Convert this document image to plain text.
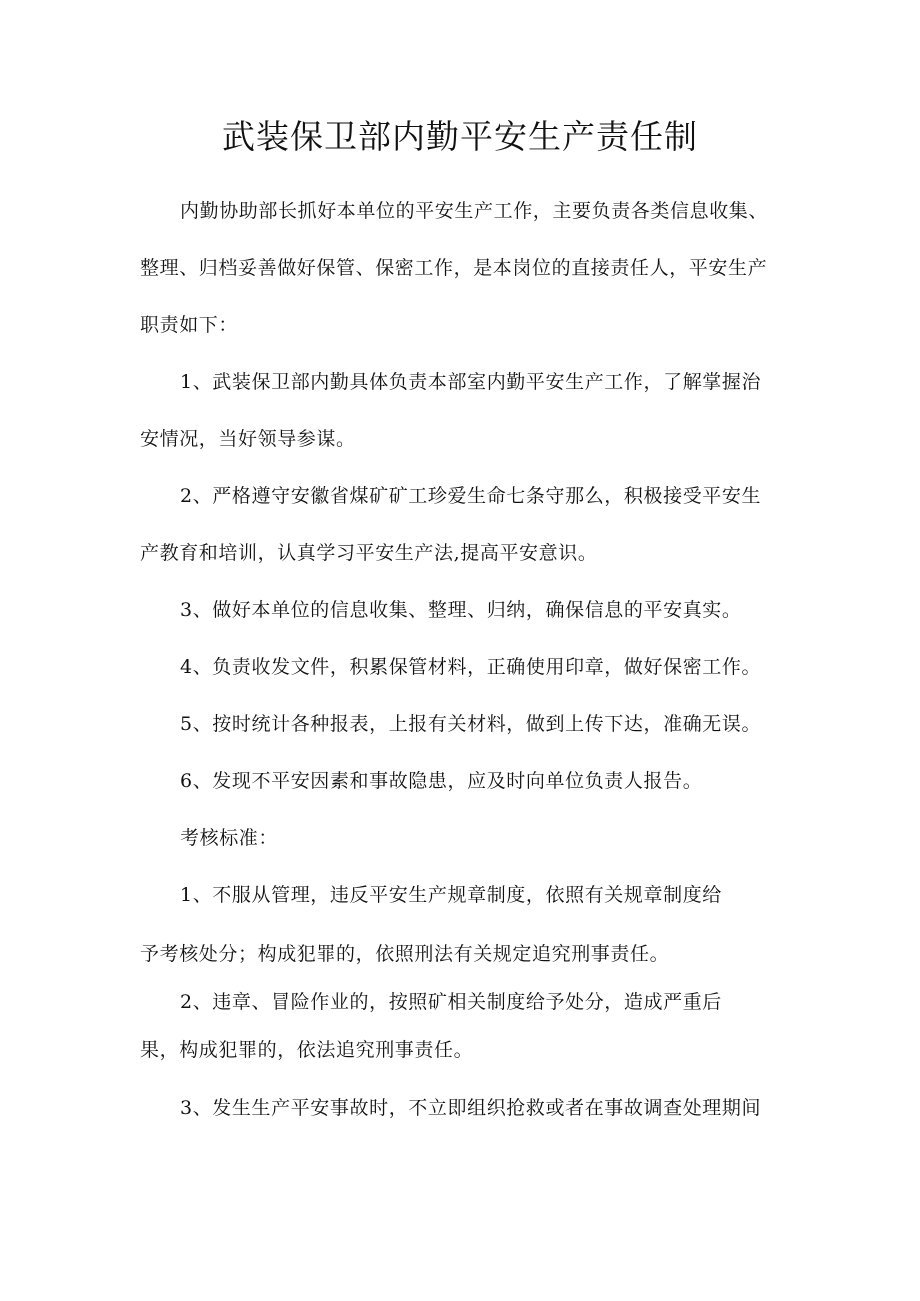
武装保卫部内勤平安生产责任制
内勤协助部长抓好本单位的平安生产工作，主要负责各类信息收集、
整理、归档妥善做好保管、保密工作，是本岗位的直接责任人，平安生产
职责如下：
1、武装保卫部内勤具体负责本部室内勤平安生产工作，了解掌握治
安情况，当好领导参谋。
2、严格遵守安徽省煤矿矿工珍爱生命七条守那么，积极接受平安生
产教育和培训，认真学习平安生产法,提高平安意识。
3、做好本单位的信息收集、整理、归纳，确保信息的平安真实。
4、负责收发文件，积累保管材料，正确使用印章，做好保密工作。
5、按时统计各种报表，上报有关材料，做到上传下达，准确无误。
6、发现不平安因素和事故隐患，应及时向单位负责人报告。
考核标准：
1、不服从管理，违反平安生产规章制度，依照有关规章制度给
予考核处分；构成犯罪的，依照刑法有关规定追究刑事责任。
2、违章、冒险作业的，按照矿相关制度给予处分，造成严重后
果，构成犯罪的，依法追究刑事责任。
3、发生生产平安事故时，不立即组织抢救或者在事故调查处理期间
